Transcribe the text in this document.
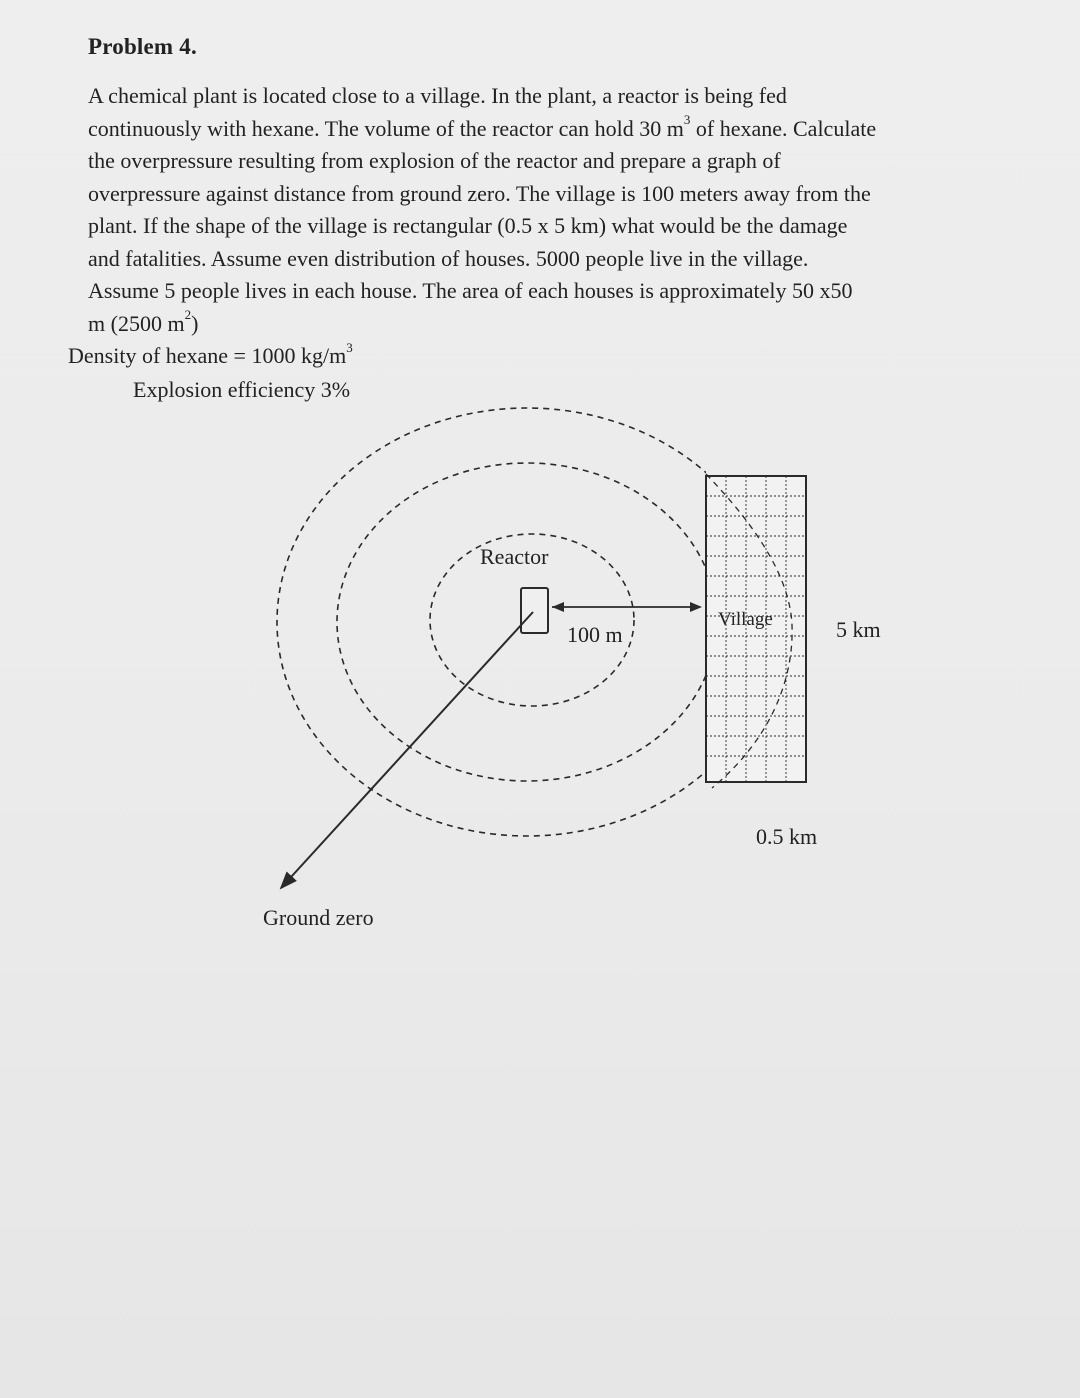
Problem 4.
A chemical plant is located close to a village. In the plant, a reactor is being fed
continuously with hexane. The volume of the reactor can hold 30 $m^3$ of hexane. Calculate
the overpressure resulting from explosion of the reactor and prepare a graph of
overpressure against distance from ground zero. The village is 100 meters away from the
plant. If the shape of the village is rectangular (0.5 x 5 km) what would be the damage
and fatalities. Assume even distribution of houses. 5000 people live in the village.
Assume 5 people lives in each house. The area of each houses is approximately 50 x50
m (2500 $m^2$)
Density of hexane = 1000 $kg/m^3$
Explosion efficiency 3%
Reactor
100 m
Village	5 km
0.5 km
Ground zero
